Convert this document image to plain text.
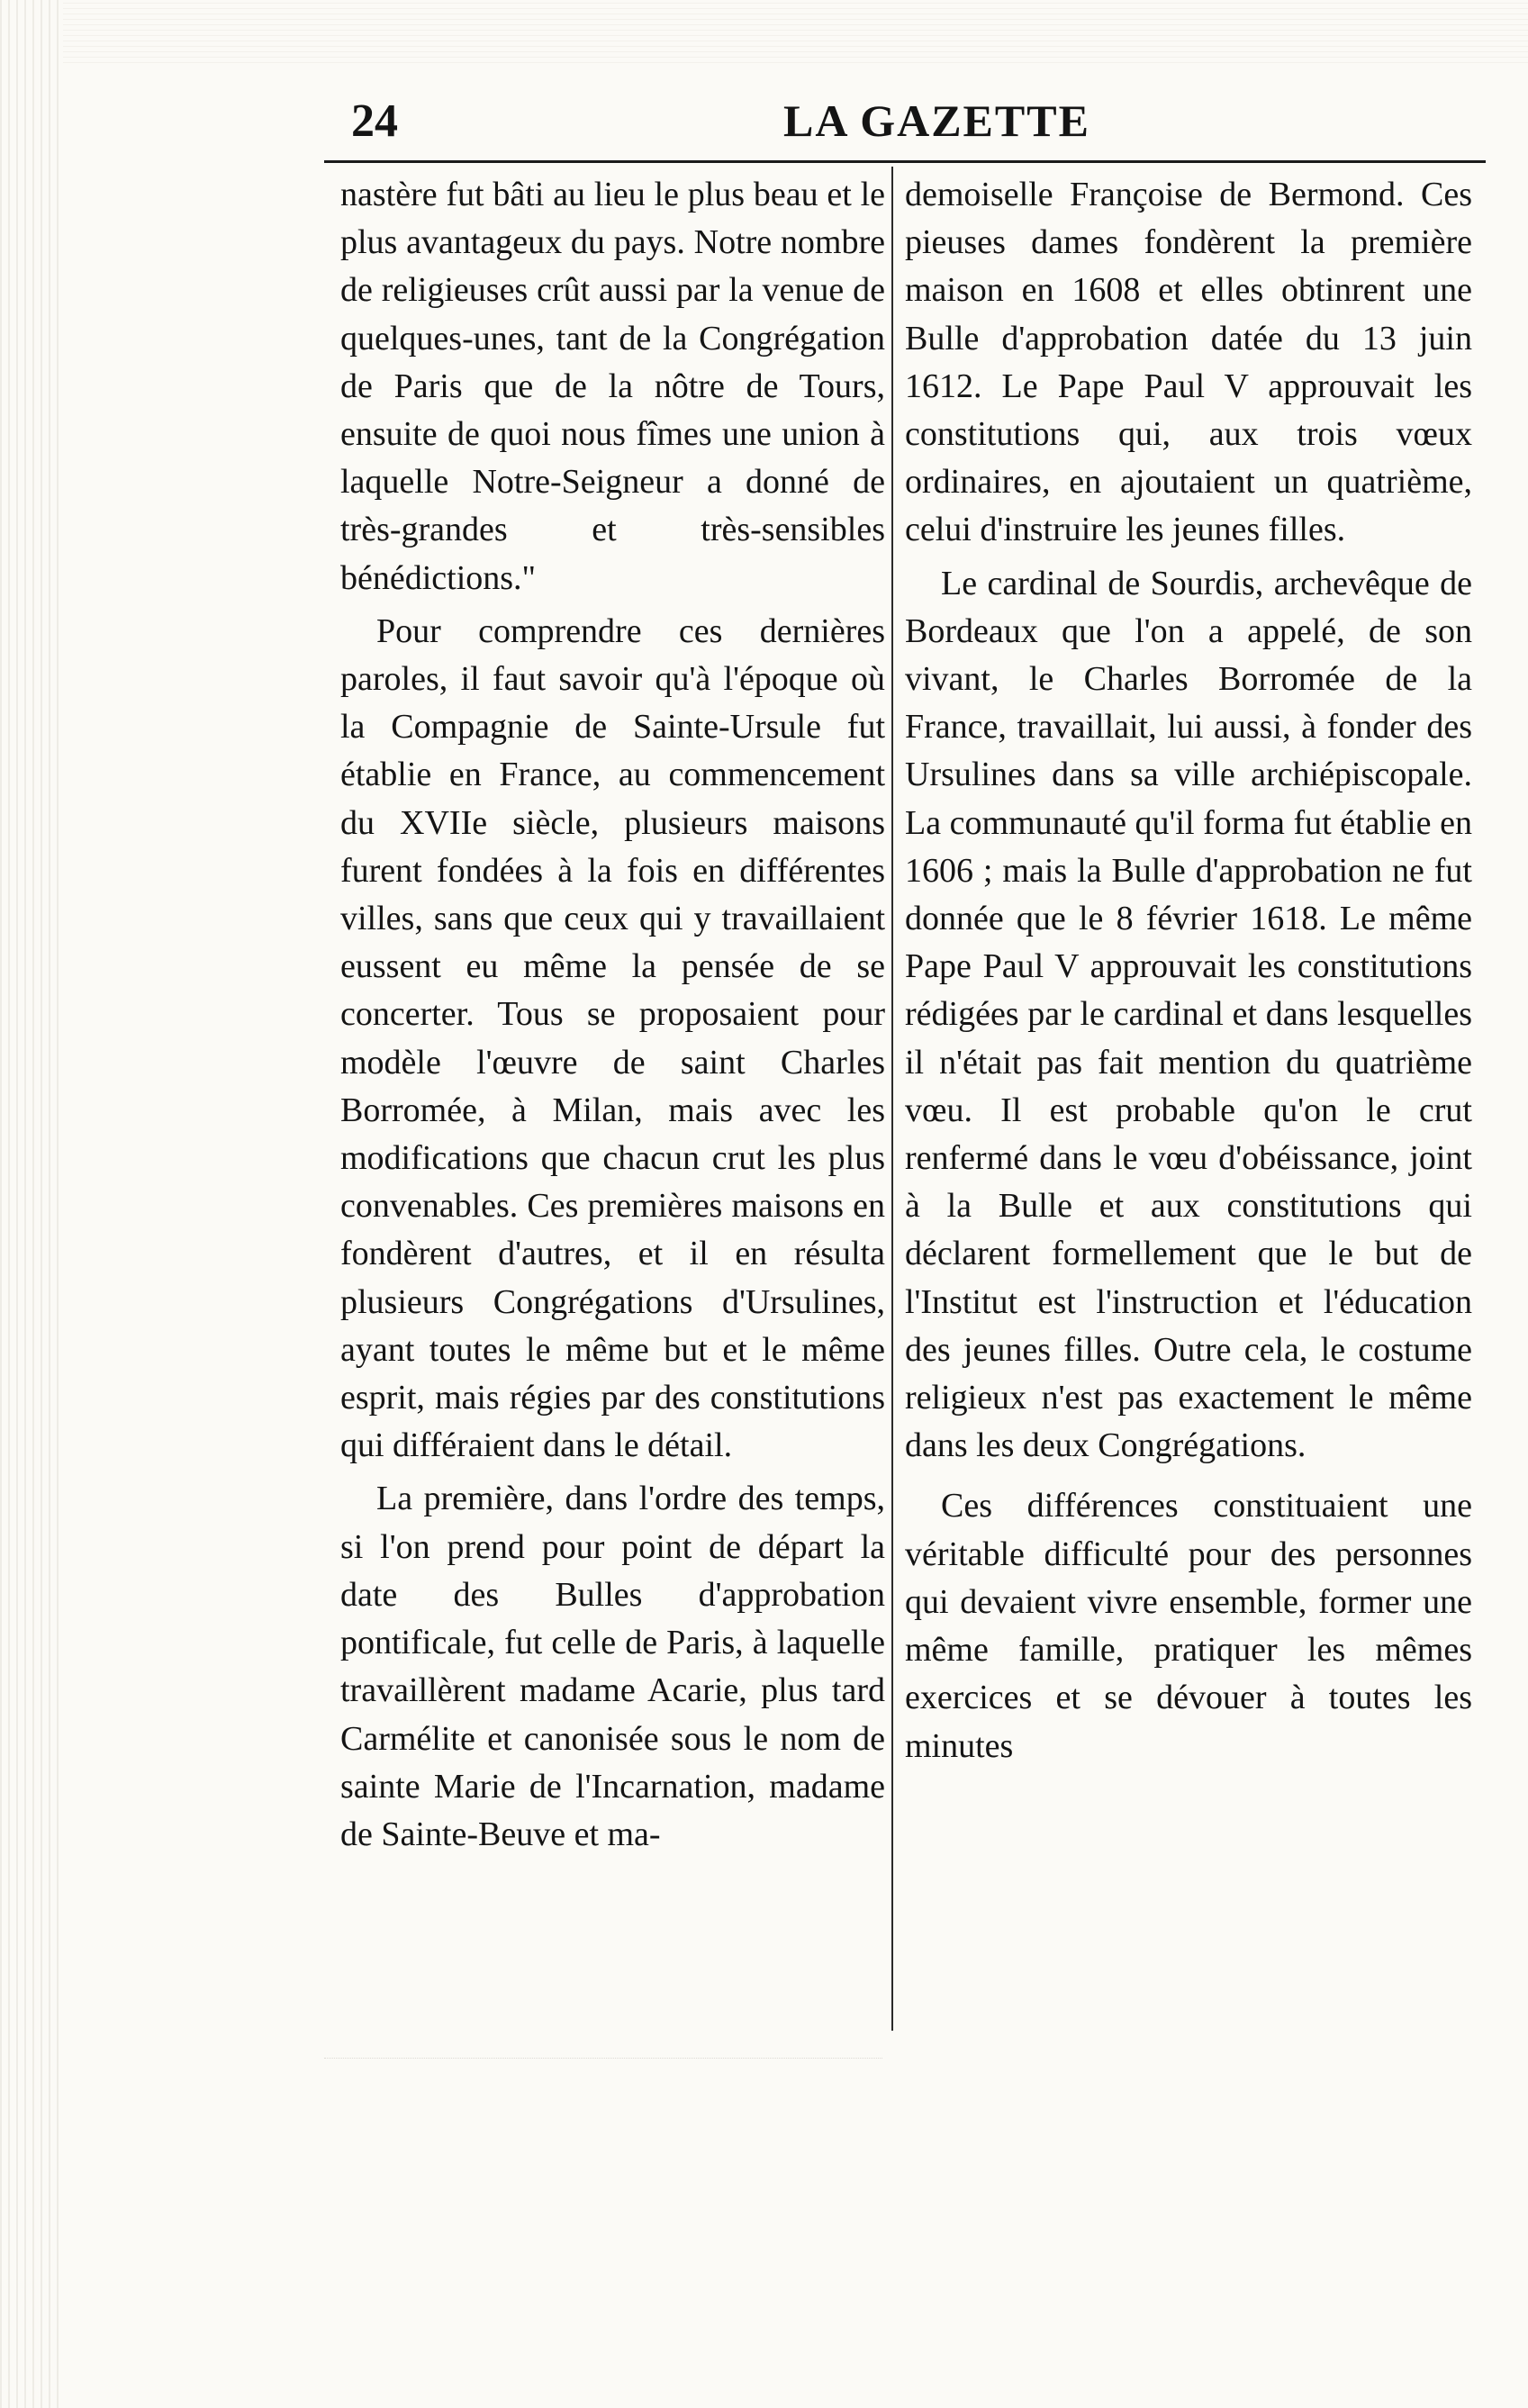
24	LA GAZETTE

nastère fut bâti au lieu le plus beau et le plus avantageux du pays. Notre nombre de religieuses crût aussi par la venue de quelques-unes, tant de la Congrégation de Paris que de la nôtre de Tours, ensuite de quoi nous fîmes une union à laquelle Notre-Seigneur a donné de très-grandes et très-sensibles bénédictions."

Pour comprendre ces dernières paroles, il faut savoir qu'à l'époque où la Compagnie de Sainte-Ursule fut établie en France, au commencement du XVIIe siècle, plusieurs maisons furent fondées à la fois en différentes villes, sans que ceux qui y travaillaient eussent eu même la pensée de se concerter. Tous se proposaient pour modèle l'œuvre de saint Charles Borromée, à Milan, mais avec les modifications que chacun crut les plus convenables. Ces premières maisons en fondèrent d'autres, et il en résulta plusieurs Congrégations d'Ursulines, ayant toutes le même but et le même esprit, mais régies par des constitutions qui différaient dans le détail.

La première, dans l'ordre des temps, si l'on prend pour point de départ la date des Bulles d'approbation pontificale, fut celle de Paris, à laquelle travaillèrent madame Acarie, plus tard Carmélite et canonisée sous le nom de sainte Marie de l'Incarnation, madame de Sainte-Beuve et ma-

demoiselle Françoise de Bermond. Ces pieuses dames fondèrent la première maison en 1608 et elles obtinrent une Bulle d'approbation datée du 13 juin 1612. Le Pape Paul V approuvait les constitutions qui, aux trois vœux ordinaires, en ajoutaient un quatrième, celui d'instruire les jeunes filles.

Le cardinal de Sourdis, archevêque de Bordeaux que l'on a appelé, de son vivant, le Charles Borromée de la France, travaillait, lui aussi, à fonder des Ursulines dans sa ville archiépiscopale. La communauté qu'il forma fut établie en 1606 ; mais la Bulle d'approbation ne fut donnée que le 8 février 1618. Le même Pape Paul V approuvait les constitutions rédigées par le cardinal et dans lesquelles il n'était pas fait mention du quatrième vœu. Il est probable qu'on le crut renfermé dans le vœu d'obéissance, joint à la Bulle et aux constitutions qui déclarent formellement que le but de l'Institut est l'instruction et l'éducation des jeunes filles. Outre cela, le costume religieux n'est pas exactement le même dans les deux Congrégations.

Ces différences constituaient une véritable difficulté pour des personnes qui devaient vivre ensemble, former une même famille, pratiquer les mêmes exercices et se dévouer à toutes les minutes
